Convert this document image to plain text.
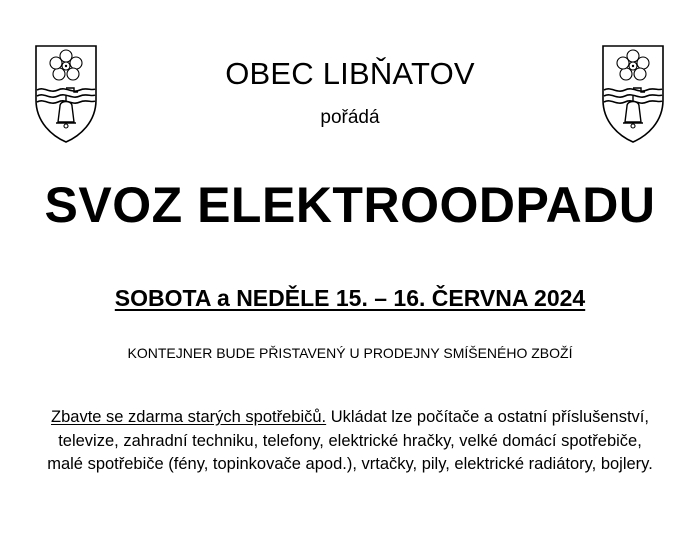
OBEC LIBŇATOV
pořádá
SVOZ ELEKTROODPADU
SOBOTA a NEDĚLE 15. – 16. ČERVNA 2024
KONTEJNER BUDE PŘISTAVENÝ U PRODEJNY SMÍŠENÉHO ZBOŽÍ
Zbavte se zdarma starých spotřebičů. Ukládat lze počítače a ostatní příslušenství, televize, zahradní techniku, telefony, elektrické hračky, velké domácí spotřebiče, malé spotřebiče (fény, topinkovače apod.), vrtačky, pily, elektrické radiátory, bojlery.
